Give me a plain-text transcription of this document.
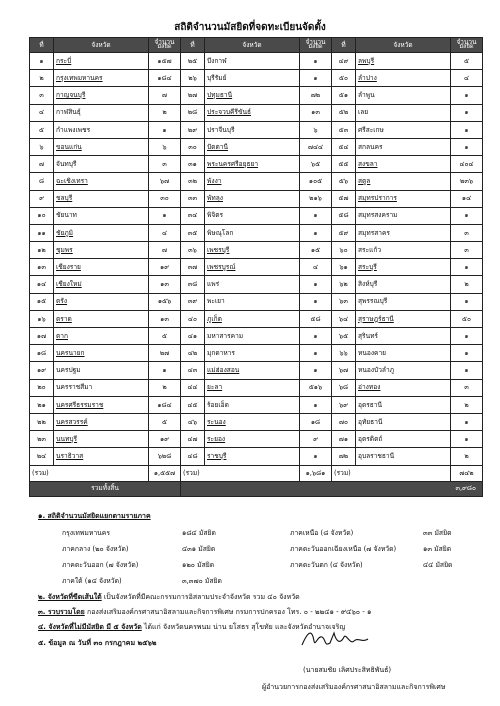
สถิติจำนวนมัสยิดที่จดทะเบียนจัดตั้ง
ที่	จังหวัด	จำนวน
มัสยิด	ที่	จังหวัด	จำนวน
มัสยิด	ที่	จังหวัด	จำนวน
มัสยิด

๑	กระบี่	๑๕๗	๒๕	บึงกาฬ	๑	๔๙	ลพบุรี	๕
๒	กรุงเทพมหานคร	๑๘๔	๒๖	บุรีรัมย์	๑	๕๐	ลำปาง	๔
๓	กาญจนบุรี	๗	๒๗	ปทุมธานี	๗๒	๕๑	ลำพูน	๑
๔	กาฬสินธุ์	๒	๒๘	ประจวบคีรีขันธ์	๑๓	๕๒	เลย	๑
๕	กำแพงเพชร	๑	๒๙	ปราจีนบุรี	๖	๕๓	ศรีสะเกษ	๑
๖	ขอนแก่น	๖	๓๐	ปัตตานี	๗๔๔	๕๔	สกลนคร	๑
๗	จันทบุรี	๓	๓๑	พระนครศรีอยุธยา	๖๕	๕๕	สงขลา	๔๐๔
๘	ฉะเชิงเทรา	๖๗	๓๒	พังงา	๑๐๕	๕๖	สตูล	๒๓๖
๙	ชลบุรี	๓๐	๓๓	พัทลุง	๒๑๖	๕๗	สมุทรปราการ	๑๔
๑๐	ชัยนาท	๑	๓๔	พิจิตร	๑	๕๘	สมุทรสงคราม	๑
๑๑	ชัยภูมิ	๔	๓๕	พิษณุโลก	๑	๕๙	สมุทรสาคร	๓
๑๒	ชุมพร	๗	๓๖	เพชรบุรี	๑๕	๖๐	สระแก้ว	๓
๑๓	เชียงราย	๑๙	๓๗	เพชรบูรณ์	๔	๖๑	สระบุรี	๑
๑๔	เชียงใหม่	๑๓	๓๘	แพร่	๑	๖๒	สิงห์บุรี	๒
๑๕	ตรัง	๑๕๖	๓๙	พะเยา	๑	๖๓	สุพรรณบุรี	๑
๑๖	ตราด	๑๓	๔๐	ภูเก็ต	๕๘	๖๔	สุราษฎร์ธานี	๕๐
๑๗	ตาก	๕	๔๑	มหาสารคาม	๑	๖๕	สุรินทร์	๑
๑๘	นครนายก	๒๗	๔๒	มุกดาหาร	๑	๖๖	หนองคาย	๑
๑๙	นครปฐม	๑	๔๓	แม่ฮ่องสอน	๑	๖๗	หนองบัวลำภู	๑
๒๐	นครราชสีมา	๒	๔๔	ยะลา	๕๑๖	๖๘	อ่างทอง	๓
๒๑	นครศรีธรรมราช	๑๘๔	๔๕	ร้อยเอ็ด	๑	๖๙	อุดรธานี	๒
๒๒	นครสวรรค์	๕	๔๖	ระนอง	๑๘	๗๐	อุทัยธานี	๑
๒๓	นนทบุรี	๑๙	๔๗	ระยอง	๙	๗๑	อุตรดิตถ์	๑
๒๔	นราธิวาส	๖๒๘	๔๘	ราชบุรี	๑	๗๒	อุบลราชธานี	๒
(รวม)		๑,๕๕๗	(รวม)		๑,๖๘๑	(รวม)		๗๔๒
รวมทั้งสิ้น			๓,๙๘๐					
๑. สถิติจำนวนมัสยิดแยกตามรายภาค
กรุงเทพมหานคร	๑๘๔ มัสยิด	ภาคเหนือ (๘ จังหวัด)	๓๓ มัสยิด
ภาคกลาง (๒๐ จังหวัด)	๔๓๑ มัสยิด	ภาคตะวันออกเฉียงเหนือ (๗ จังหวัด)	๑๓ มัสยิด
ภาคตะวันออก (๗ จังหวัด)	๑๒๐ มัสยิด	ภาคตะวันตก (๔ จังหวัด)	๔๔ มัสยิด
ภาคใต้ (๑๔ จังหวัด)	๓,๓๗๐ มัสยิด
๒. จังหวัดที่ขีดเส้นใต้ เป็นจังหวัดที่มีคณะกรรมการอิสลามประจำจังหวัด รวม ๔๐ จังหวัด
๓. รวบรวมโดย กองส่งเสริมองค์กรศาสนาอิสลามและกิจการพิเศษ กรมการปกครอง โทร. ๐ - ๒๒๔๑ - ๙๔๖๐ - ๑
๔. จังหวัดที่ไม่มีมัสยิด มี ๕ จังหวัด ได้แก่ จังหวัดนครพนม น่าน ยโสธร สุโขทัย และจังหวัดอำนาจเจริญ
๕. ข้อมูล ณ วันที่ ๓๐ กรกฎาคม ๒๕๖๒
(นายสมชัย เลิศประสิทธิพันธ์)
ผู้อำนวยการกองส่งเสริมองค์กรศาสนาอิสลามและกิจการพิเศษ
